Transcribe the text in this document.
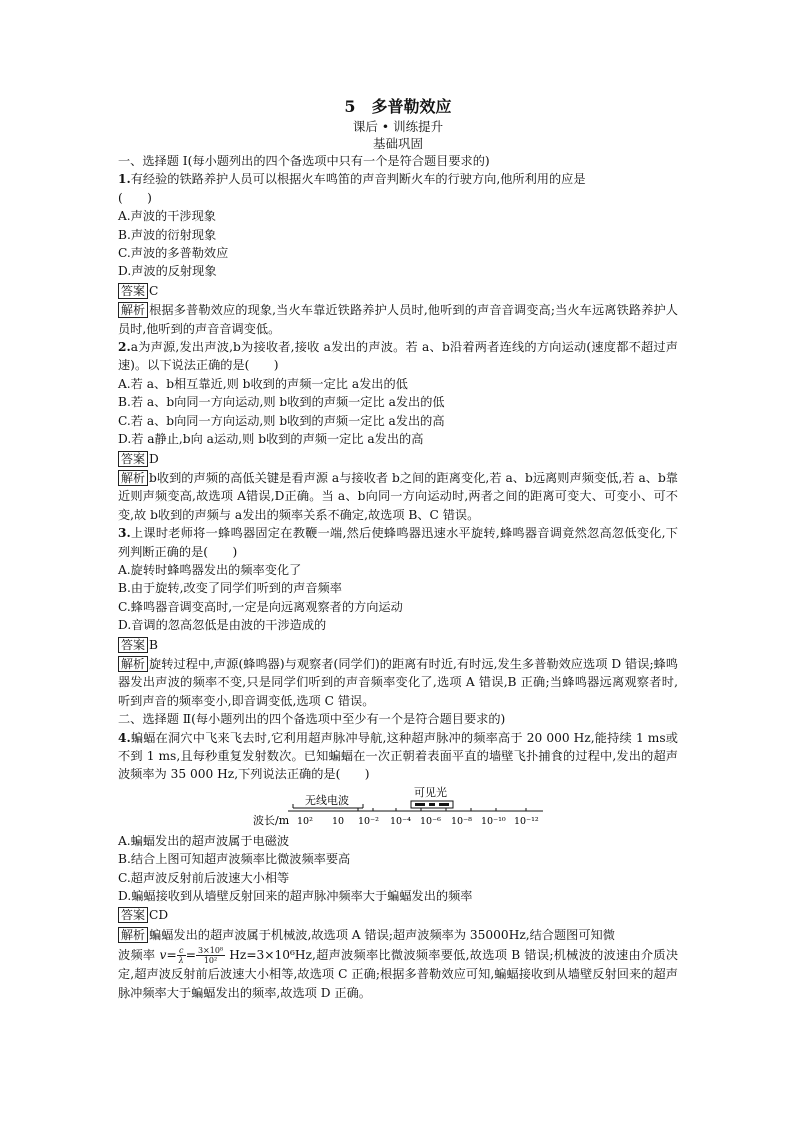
5　多普勒效应
课后 • 训练提升
基础巩固
一、选择题 Ⅰ(每小题列出的四个备选项中只有一个是符合题目要求的)
1.有经验的铁路养护人员可以根据火车鸣笛的声音判断火车的行驶方向,他所利用的应是
(　　)
A.声波的干涉现象
B.声波的衍射现象
C.声波的多普勒效应
D.声波的反射现象
答案 C
解析 根据多普勒效应的现象,当火车靠近铁路养护人员时,他听到的声音音调变高;当火车远离铁路养护人员时,他听到的声音音调变低。
2.a为声源,发出声波,b为接收者,接收 a发出的声波。若 a、b沿着两者连线的方向运动(速度都不超过声速)。以下说法正确的是(　　)
A.若 a、b相互靠近,则 b收到的声频一定比 a发出的低
B.若 a、b向同一方向运动,则 b收到的声频一定比 a发出的低
C.若 a、b向同一方向运动,则 b收到的声频一定比 a发出的高
D.若 a静止,b向 a运动,则 b收到的声频一定比 a发出的高
答案 D
解析 b收到的声频的高低关键是看声源 a与接收者 b之间的距离变化,若 a、b远离则声频变低,若 a、b靠近则声频变高,故选项 A错误,D正确。当 a、b向同一方向运动时,两者之间的距离可变大、可变小、可不变,故 b收到的声频与 a发出的频率关系不确定,故选项 B、C 错误。
3.上课时老师将一蜂鸣器固定在教鞭一端,然后使蜂鸣器迅速水平旋转,蜂鸣器音调竟然忽高忽低变化,下列判断正确的是(　　)
A.旋转时蜂鸣器发出的频率变化了
B.由于旋转,改变了同学们听到的声音频率
C.蜂鸣器音调变高时,一定是向远离观察者的方向运动
D.音调的忽高忽低是由波的干涉造成的
答案 B
解析 旋转过程中,声源(蜂鸣器)与观察者(同学们)的距离有时近,有时远,发生多普勒效应选项 D 错误;蜂鸣器发出声波的频率不变,只是同学们听到的声音频率变化了,选项 A 错误,B 正确;当蜂鸣器远离观察者时,听到声音的频率变小,即音调变低,选项 C 错误。
二、选择题 Ⅱ(每小题列出的四个备选项中至少有一个是符合题目要求的)
4.蝙蝠在洞穴中飞来飞去时,它利用超声脉冲导航,这种超声脉冲的频率高于 20 000 Hz,能持续 1 ms或不到 1 ms,且每秒重复发射数次。已知蝙蝠在一次正朝着表面平直的墙壁飞扑捕食的过程中,发出的超声波频率为 35 000 Hz,下列说法正确的是(　　)
无线电波
可见光
波长/m 10² 10 10⁻² 10⁻⁴ 10⁻⁶ 10⁻⁸ 10⁻¹⁰ 10⁻¹²
A.蝙蝠发出的超声波属于电磁波
B.结合上图可知超声波频率比微波频率要高
C.超声波反射前后波速大小相等
D.蝙蝠接收到从墙壁反射回来的超声脉冲频率大于蝙蝠发出的频率
答案 CD
解析 蝙蝠发出的超声波属于机械波,故选项 A 错误;超声波频率为 35000Hz,结合题图可知微
波频率 $v= \frac{c}{\lambda} = \frac{\text{3×10⁸}}{\text{10²}} Hz=3\times 10^6Hz$,超声波频率比微波频率要低,故选项 B 错误;机械波的波速由介质决定,超声波反射前后波速大小相等,故选项 C 正确;根据多普勒效应可知,蝙蝠接收到从墙壁反射回来的超声脉冲频率大于蝙蝠发出的频率,故选项 D 正确。
